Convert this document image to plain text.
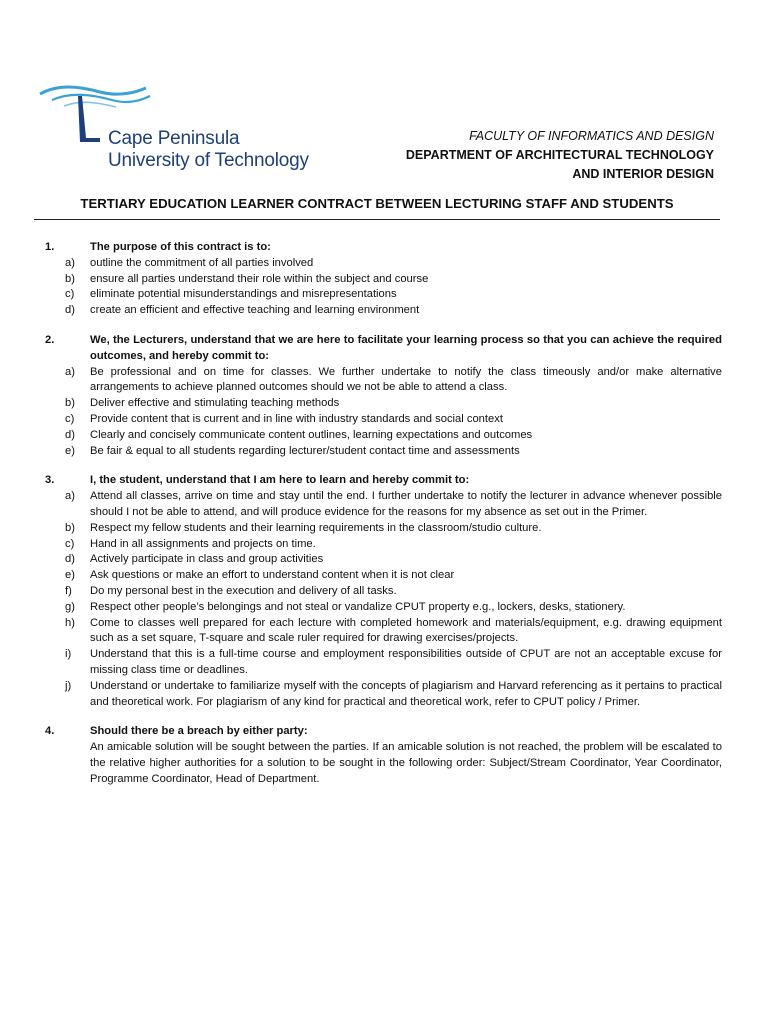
Cape Peninsula
University of Technology
FACULTY OF INFORMATICS AND DESIGN
DEPARTMENT OF ARCHITECTURAL TECHNOLOGY
AND INTERIOR DESIGN
TERTIARY EDUCATION LEARNER CONTRACT BETWEEN LECTURING STAFF AND STUDENTS
1.	The purpose of this contract is to:
a)	outline the commitment of all parties involved
b)	ensure all parties understand their role within the subject and course
c)	eliminate potential misunderstandings and misrepresentations
d)	create an efficient and effective teaching and learning environment
2.	We, the Lecturers, understand that we are here to facilitate your learning process so that you can achieve the required outcomes, and hereby commit to:
a)	Be professional and on time for classes. We further undertake to notify the class timeously and/or make alternative arrangements to achieve planned outcomes should we not be able to attend a class.
b)	Deliver effective and stimulating teaching methods
c)	Provide content that is current and in line with industry standards and social context
d)	Clearly and concisely communicate content outlines, learning expectations and outcomes
e)	Be fair & equal to all students regarding lecturer/student contact time and assessments
3.	I, the student, understand that I am here to learn and hereby commit to:
a)	Attend all classes, arrive on time and stay until the end. I further undertake to notify the lecturer in advance whenever possible should I not be able to attend, and will produce evidence for the reasons for my absence as set out in the Primer.
b)	Respect my fellow students and their learning requirements in the classroom/studio culture.
c)	Hand in all assignments and projects on time.
d)	Actively participate in class and group activities
e)	Ask questions or make an effort to understand content when it is not clear
f)	Do my personal best in the execution and delivery of all tasks.
g)	Respect other people’s belongings and not steal or vandalize CPUT property e.g., lockers, desks, stationery.
h)	Come to classes well prepared for each lecture with completed homework and materials/equipment, e.g. drawing equipment such as a set square, T-square and scale ruler required for drawing exercises/projects.
i)	Understand that this is a full-time course and employment responsibilities outside of CPUT are not an acceptable excuse for missing class time or deadlines.
j)	Understand or undertake to familiarize myself with the concepts of plagiarism and Harvard referencing as it pertains to practical and theoretical work. For plagiarism of any kind for practical and theoretical work, refer to CPUT policy / Primer.
4.	Should there be a breach by either party:
An amicable solution will be sought between the parties. If an amicable solution is not reached, the problem will be escalated to the relative higher authorities for a solution to be sought in the following order: Subject/Stream Coordinator, Year Coordinator, Programme Coordinator, Head of Department.
